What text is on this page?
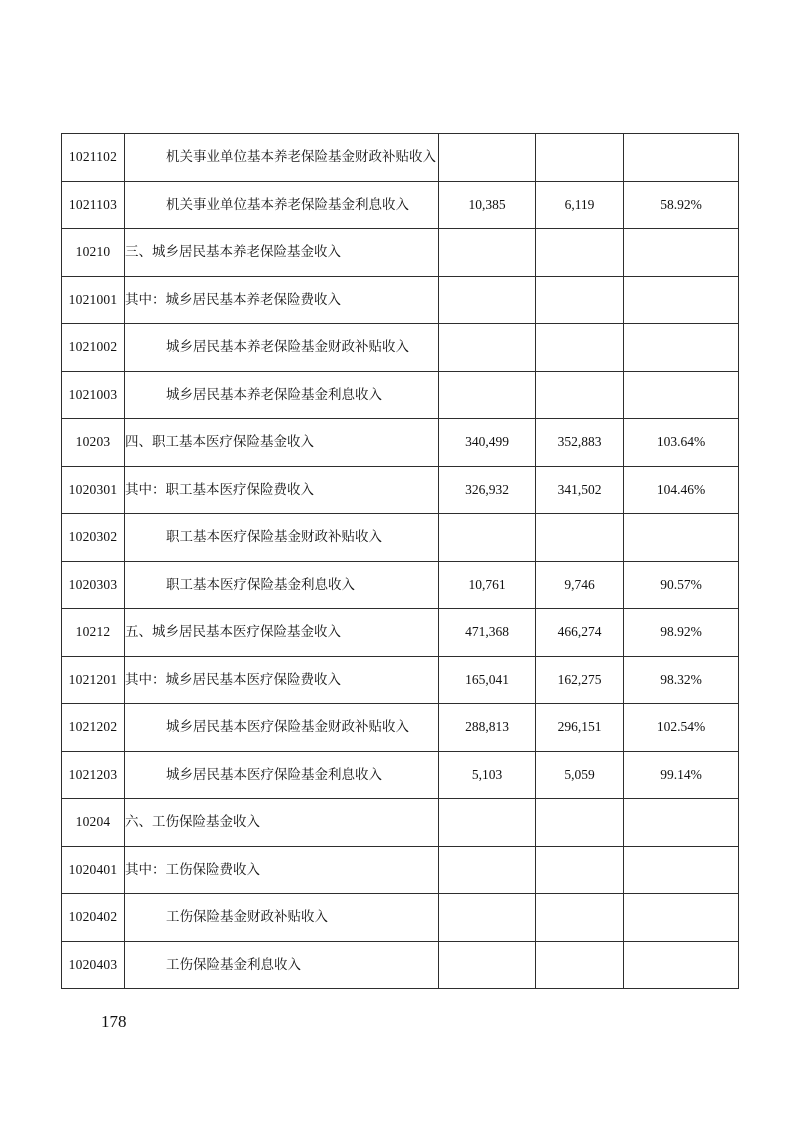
1021102	机关事业单位基本养老保险基金财政补贴收入			
1021103	机关事业单位基本养老保险基金利息收入	10,385	6,119	58.92%
10210	三、城乡居民基本养老保险基金收入			
1021001	其中：城乡居民基本养老保险费收入			
1021002	城乡居民基本养老保险基金财政补贴收入			
1021003	城乡居民基本养老保险基金利息收入			
10203	四、职工基本医疗保险基金收入	340,499	352,883	103.64%
1020301	其中：职工基本医疗保险费收入	326,932	341,502	104.46%
1020302	职工基本医疗保险基金财政补贴收入			
1020303	职工基本医疗保险基金利息收入	10,761	9,746	90.57%
10212	五、城乡居民基本医疗保险基金收入	471,368	466,274	98.92%
1021201	其中：城乡居民基本医疗保险费收入	165,041	162,275	98.32%
1021202	城乡居民基本医疗保险基金财政补贴收入	288,813	296,151	102.54%
1021203	城乡居民基本医疗保险基金利息收入	5,103	5,059	99.14%
10204	六、工伤保险基金收入			
1020401	其中：工伤保险费收入			
1020402	工伤保险基金财政补贴收入			
1020403	工伤保险基金利息收入			
178
